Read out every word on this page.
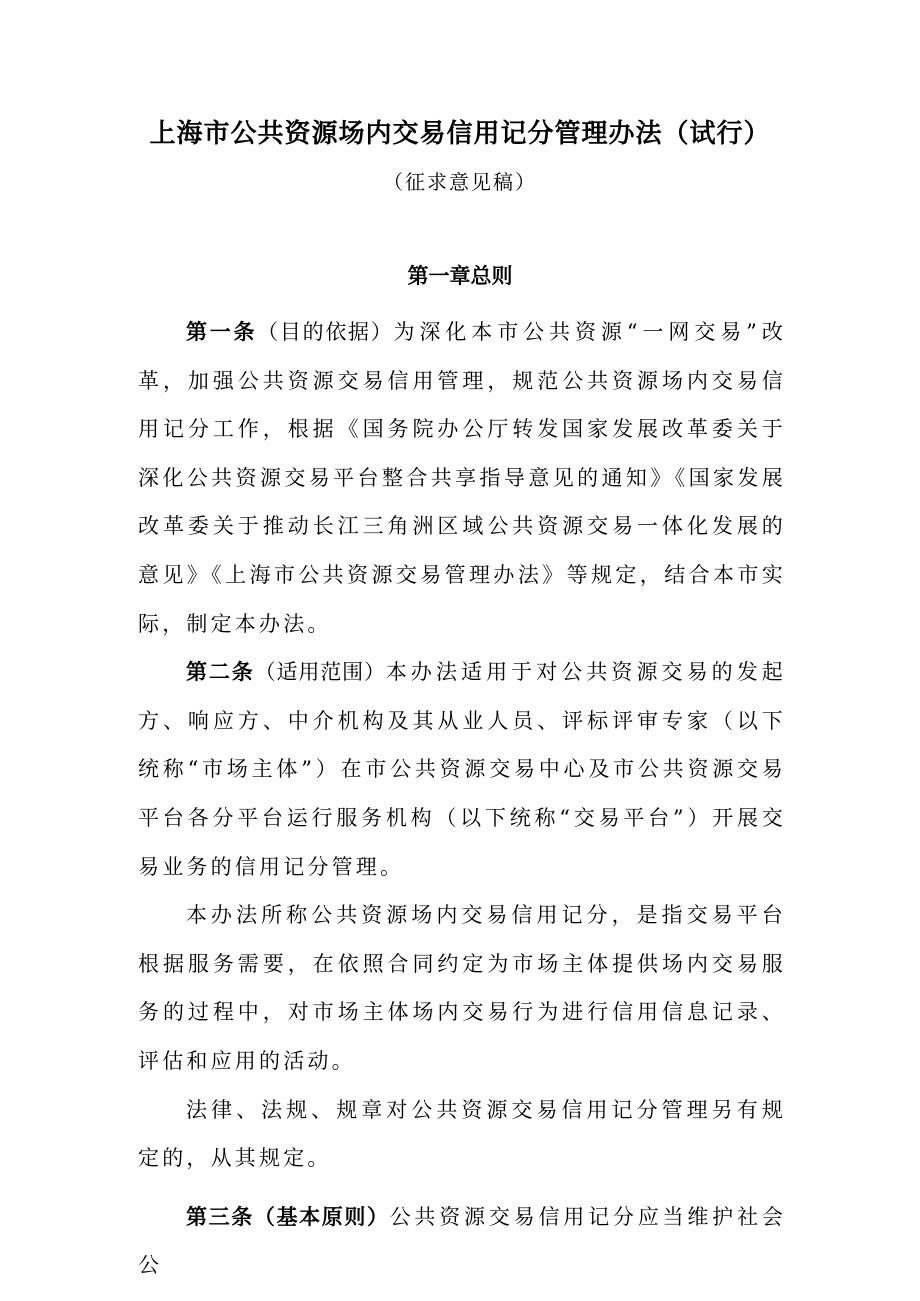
上海市公共资源场内交易信用记分管理办法（试行）
（征求意见稿）
第一章总则

第一条（目的依据）为深化本市公共资源“一网交易”改革，加强公共资源交易信用管理，规范公共资源场内交易信用记分工作，根据《国务院办公厅转发国家发展改革委关于深化公共资源交易平台整合共享指导意见的通知》《国家发展改革委关于推动长江三角洲区域公共资源交易一体化发展的意见》《上海市公共资源交易管理办法》等规定，结合本市实际，制定本办法。

第二条（适用范围）本办法适用于对公共资源交易的发起方、响应方、中介机构及其从业人员、评标评审专家（以下统称“市场主体”）在市公共资源交易中心及市公共资源交易平台各分平台运行服务机构（以下统称“交易平台”）开展交易业务的信用记分管理。

本办法所称公共资源场内交易信用记分，是指交易平台根据服务需要，在依照合同约定为市场主体提供场内交易服务的过程中，对市场主体场内交易行为进行信用信息记录、评估和应用的活动。

法律、法规、规章对公共资源交易信用记分管理另有规定的，从其规定。

第三条（基本原则）公共资源交易信用记分应当维护社会公
